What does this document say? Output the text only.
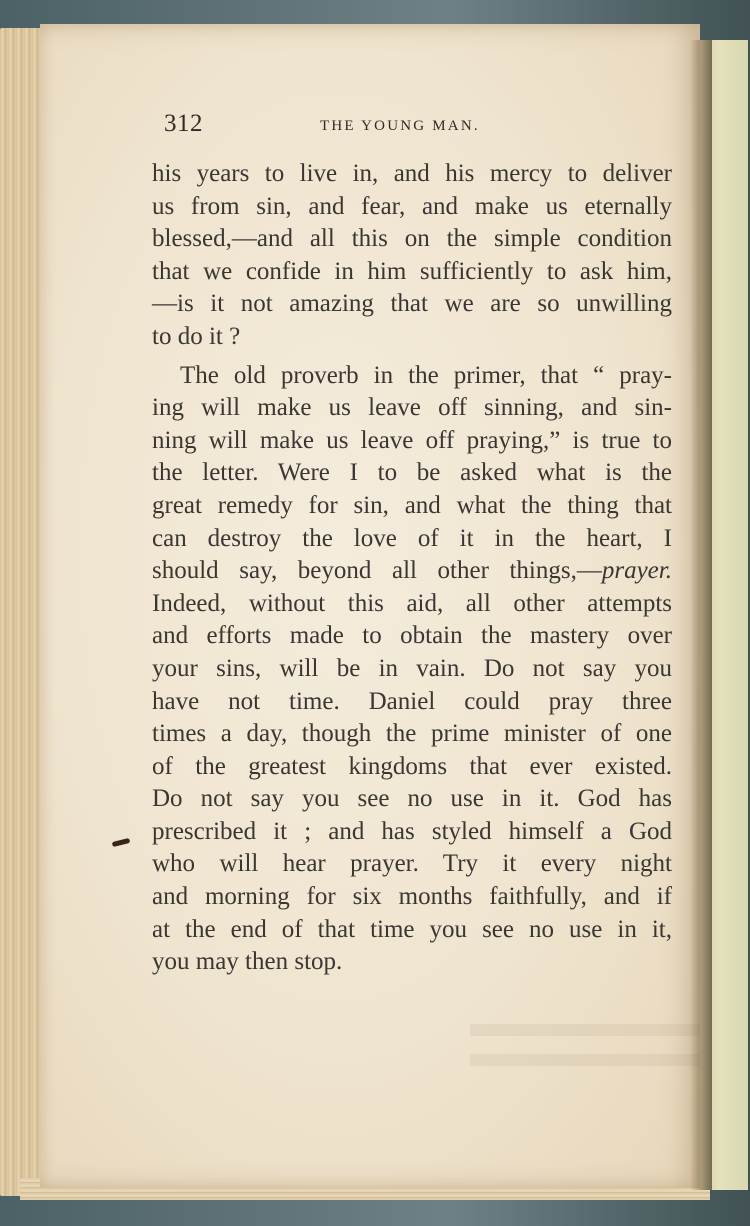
312	THE YOUNG MAN.
his years to live in, and his mercy to deliver
us from sin, and fear, and make us eternally
blessed,—and all this on the simple condition
that we confide in him sufficiently to ask him,
—is it not amazing that we are so unwilling
to do it ?
The old proverb in the primer, that “ pray-
ing will make us leave off sinning, and sin-
ning will make us leave off praying,” is true to
the letter. Were I to be asked what is the
great remedy for sin, and what the thing that
can destroy the love of it in the heart, I
should say, beyond all other things,—prayer.
Indeed, without this aid, all other attempts
and efforts made to obtain the mastery over
your sins, will be in vain. Do not say you
have not time. Daniel could pray three
times a day, though the prime minister of one
of the greatest kingdoms that ever existed.
Do not say you see no use in it. God has
prescribed it ; and has styled himself a God
who will hear prayer. Try it every night
and morning for six months faithfully, and if
at the end of that time you see no use in it,
you may then stop.
